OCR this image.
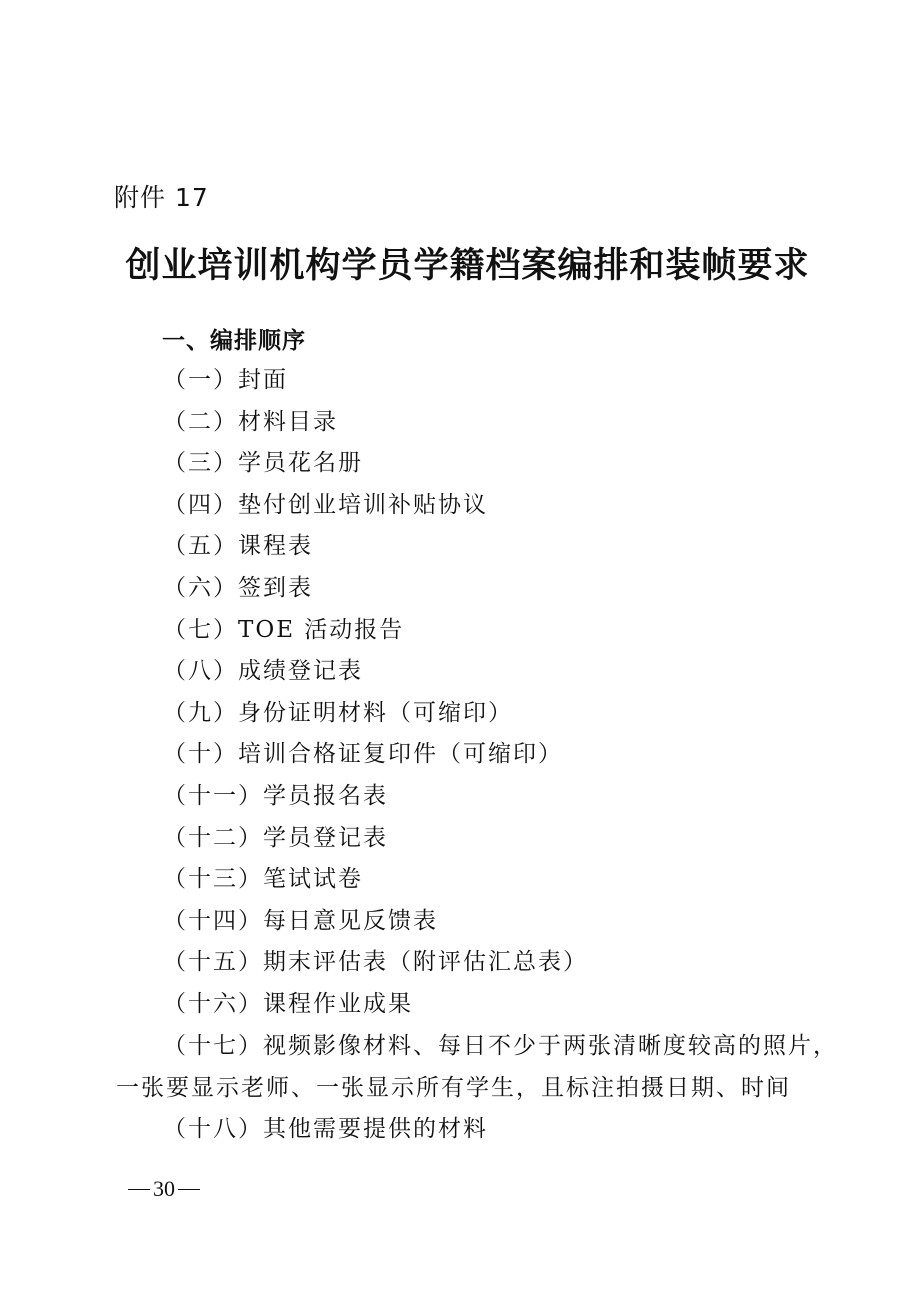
附件 17
创业培训机构学员学籍档案编排和装帧要求
一、编排顺序
（一）封面
（二）材料目录
（三）学员花名册
（四）垫付创业培训补贴协议
（五）课程表
（六）签到表
（七）TOE 活动报告
（八）成绩登记表
（九）身份证明材料（可缩印）
（十）培训合格证复印件（可缩印）
（十一）学员报名表
（十二）学员登记表
（十三）笔试试卷
（十四）每日意见反馈表
（十五）期末评估表（附评估汇总表）
（十六）课程作业成果
（十七）视频影像材料、每日不少于两张清晰度较高的照片，
一张要显示老师、一张显示所有学生，且标注拍摄日期、时间
（十八）其他需要提供的材料
30
